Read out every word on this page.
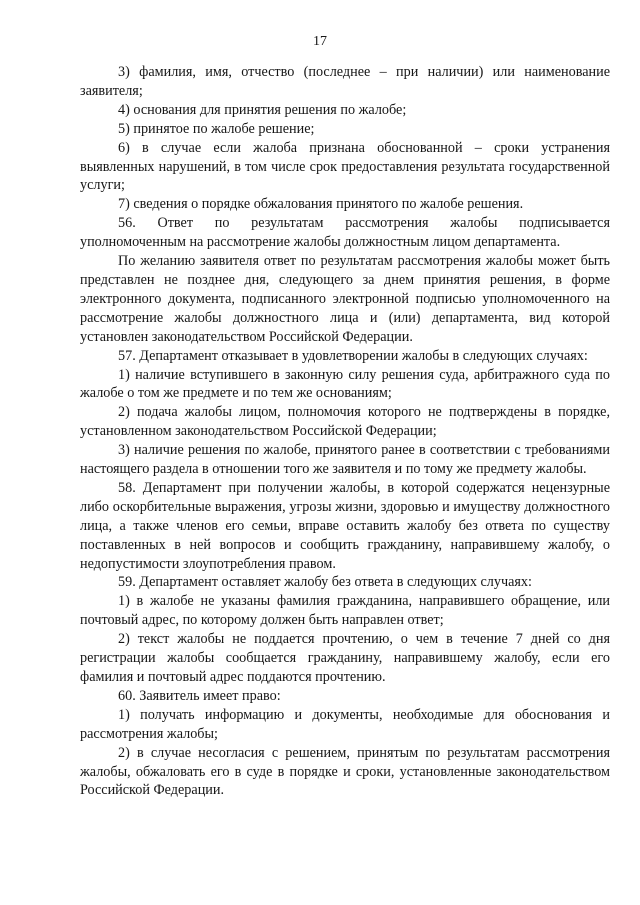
17

3) фамилия, имя, отчество (последнее – при наличии) или наименование заявителя;

4) основания для принятия решения по жалобе;

5) принятое по жалобе решение;

6) в случае если жалоба признана обоснованной – сроки устранения выявленных нарушений, в том числе срок предоставления результата государственной услуги;

7) сведения о порядке обжалования принятого по жалобе решения.

56. Ответ по результатам рассмотрения жалобы подписывается уполномоченным на рассмотрение жалобы должностным лицом департамента.

По желанию заявителя ответ по результатам рассмотрения жалобы может быть представлен не позднее дня, следующего за днем принятия решения, в форме электронного документа, подписанного электронной подписью уполномоченного на рассмотрение жалобы должностного лица и (или) департамента, вид которой установлен законодательством Российской Федерации.

57. Департамент отказывает в удовлетворении жалобы в следующих случаях:

1) наличие вступившего в законную силу решения суда, арбитражного суда по жалобе о том же предмете и по тем же основаниям;

2) подача жалобы лицом, полномочия которого не подтверждены в порядке, установленном законодательством Российской Федерации;

3) наличие решения по жалобе, принятого ранее в соответствии с требованиями настоящего раздела в отношении того же заявителя и по тому же предмету жалобы.

58. Департамент при получении жалобы, в которой содержатся нецензурные либо оскорбительные выражения, угрозы жизни, здоровью и имуществу должностного лица, а также членов его семьи, вправе оставить жалобу без ответа по существу поставленных в ней вопросов и сообщить гражданину, направившему жалобу, о недопустимости злоупотребления правом.

59. Департамент оставляет жалобу без ответа в следующих случаях:

1) в жалобе не указаны фамилия гражданина, направившего обращение, или почтовый адрес, по которому должен быть направлен ответ;

2) текст жалобы не поддается прочтению, о чем в течение 7 дней со дня регистрации жалобы сообщается гражданину, направившему жалобу, если его фамилия и почтовый адрес поддаются прочтению.

60. Заявитель имеет право:

1) получать информацию и документы, необходимые для обоснования и рассмотрения жалобы;

2) в случае несогласия с решением, принятым по результатам рассмотрения жалобы, обжаловать его в суде в порядке и сроки, установленные законодательством Российской Федерации.
